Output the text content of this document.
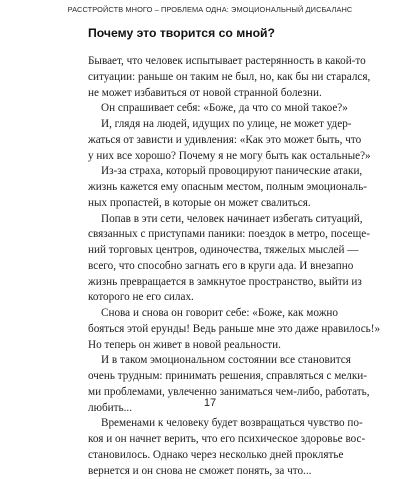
РАССТРОЙСТВ МНОГО – ПРОБЛЕМА ОДНА: ЭМОЦИОНАЛЬНЫЙ ДИСБАЛАНС
Почему это творится со мной?
Бывает, что человек испытывает растерянность в какой-то
ситуации: раньше он таким не был, но, как бы ни старался,
не может избавиться от новой странной болезни.
Он спрашивает себя: «Боже, да что со мной такое?»
И, глядя на людей, идущих по улице, не может удер-
жаться от зависти и удивления: «Как это может быть, что
у них все хорошо? Почему я не могу быть как остальные?»
Из-за страха, который провоцируют панические атаки,
жизнь кажется ему опасным местом, полным эмоциональ-
ных пропастей, в которые он может свалиться.
Попав в эти сети, человек начинает избегать ситуаций,
связанных с приступами паники: поездок в метро, посеще-
ний торговых центров, одиночества, тяжелых мыслей —
всего, что способно загнать его в круги ада. И внезапно
жизнь превращается в замкнутое пространство, выйти из
которого не его силах.
Снова и снова он говорит себе: «Боже, как можно
бояться этой ерунды! Ведь раньше мне это даже нравилось!»
Но теперь он живет в новой реальности.
И в таком эмоциональном состоянии все становится
очень трудным: принимать решения, справляться с мелки-
ми проблемами, увлеченно заниматься чем-либо, работать,
любить...
Временами к человеку будет возвращаться чувство по-
коя и он начнет верить, что его психическое здоровье вос-
становилось. Однако через несколько дней проклятье
вернется и он снова не сможет понять, за что...
17
